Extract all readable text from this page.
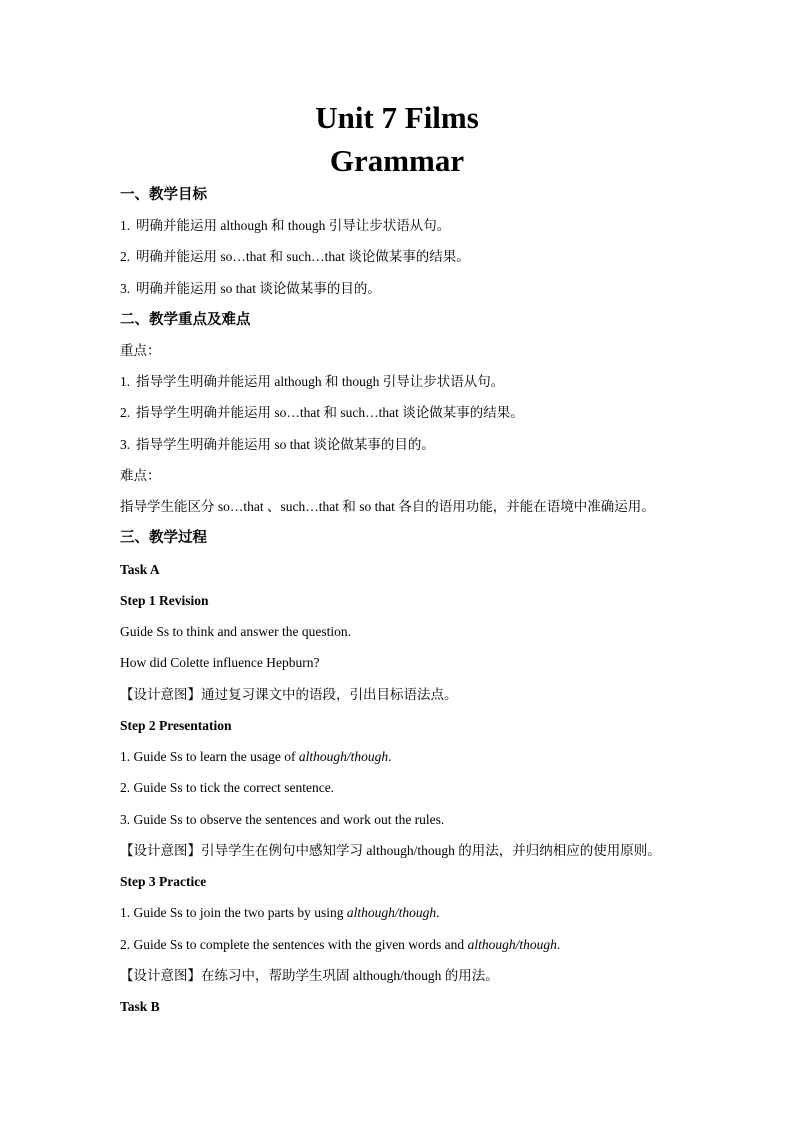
Unit 7 Films
Grammar
一、教学目标
1. 明确并能运用 although 和 though 引导让步状语从句。
2. 明确并能运用 so…that 和 such…that 谈论做某事的结果。
3. 明确并能运用 so that 谈论做某事的目的。
二、教学重点及难点
重点：
1. 指导学生明确并能运用 although 和 though 引导让步状语从句。
2. 指导学生明确并能运用 so…that 和 such…that 谈论做某事的结果。
3. 指导学生明确并能运用 so that 谈论做某事的目的。
难点：
指导学生能区分 so…that 、such…that 和 so that 各自的语用功能，并能在语境中准确运用。
三、教学过程
Task A
Step 1 Revision
Guide Ss to think and answer the question.
How did Colette influence Hepburn?
【设计意图】通过复习课文中的语段，引出目标语法点。
Step 2 Presentation
1. Guide Ss to learn the usage of although/though.
2. Guide Ss to tick the correct sentence.
3. Guide Ss to observe the sentences and work out the rules.
【设计意图】引导学生在例句中感知学习 although/though 的用法，并归纳相应的使用原则。
Step 3 Practice
1. Guide Ss to join the two parts by using although/though.
2. Guide Ss to complete the sentences with the given words and although/though.
【设计意图】在练习中，帮助学生巩固 although/though 的用法。
Task B
